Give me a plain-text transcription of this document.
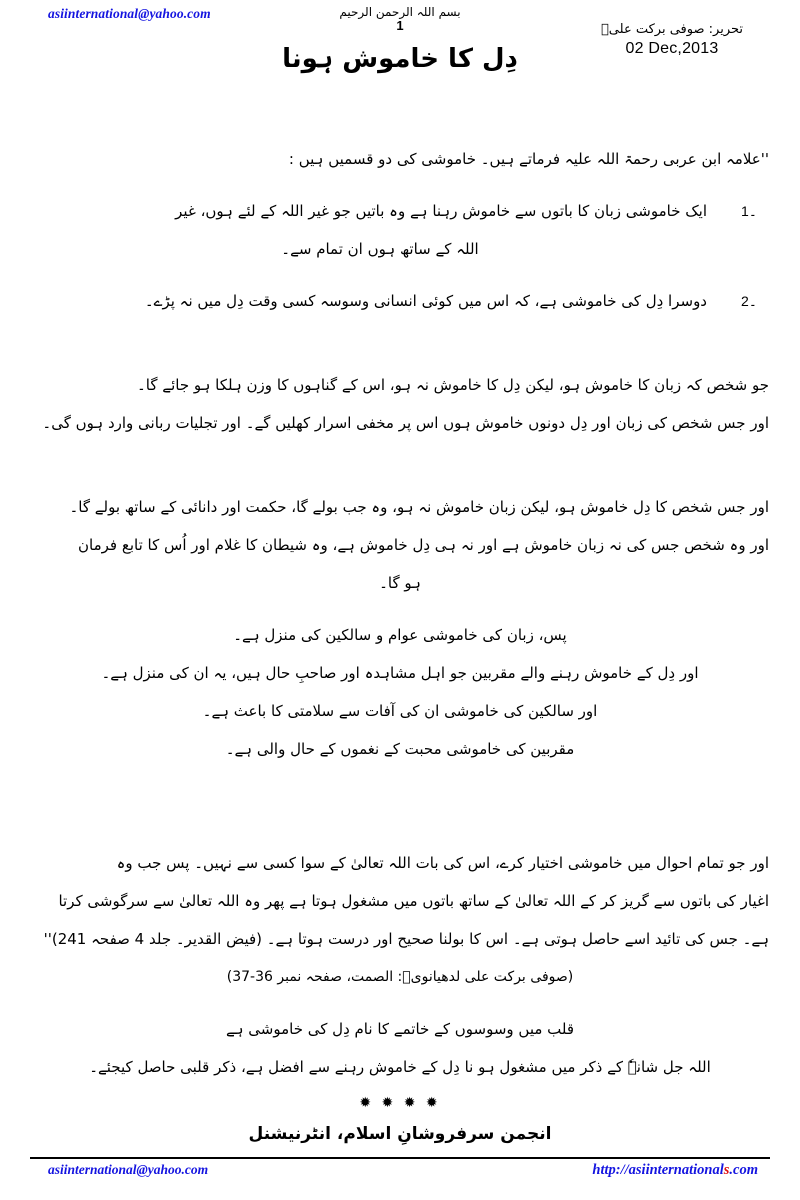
asiinternational@yahoo.com	بسم اللہ الرحمن الرحیم
1
دِل کا خاموش ہونا
تحریر: صوفی برکت علیؒ
02 Dec,2013
''علامہ ابن عربی رحمۃ اللہ علیہ فرماتے ہیں۔ خاموشی کی دو قسمیں ہیں :
1۔ایک خاموشی زبان کا باتوں سے خاموش رہنا ہے وہ باتیں جو غیر اللہ کے لئے ہوں، غیر
اللہ کے ساتھ ہوں ان تمام سے۔
2۔دوسرا دِل کی خاموشی ہے، کہ اس میں کوئی انسانی وسوسہ کسی وقت دِل میں نہ پڑے۔
جو شخص کہ زبان کا خاموش ہو، لیکن دِل کا خاموش نہ ہو، اس کے گناہوں کا وزن ہلکا ہو جائے گا۔
اور جس شخص کی زبان اور دِل دونوں خاموش ہوں اس پر مخفی اسرار کھلیں گے۔ اور تجلیات ربانی وارد ہوں گی۔
اور جس شخص کا دِل خاموش ہو، لیکن زبان خاموش نہ ہو، وہ جب بولے گا، حکمت اور دانائی کے ساتھ بولے گا۔
اور وہ شخص جس کی نہ زبان خاموش ہے اور نہ ہی دِل خاموش ہے، وہ شیطان کا غلام اور اُس کا تابع فرمان
ہو گا۔
پس، زبان کی خاموشی عوام و سالکین کی منزل ہے۔
اور دِل کے خاموش رہنے والے مقربین جو اہل مشاہدہ اور صاحبِ حال ہیں، یہ ان کی منزل ہے۔
اور سالکین کی خاموشی ان کی آفات سے سلامتی کا باعث ہے۔
مقربین کی خاموشی محبت کے نغموں کے حال والی ہے۔
اور جو تمام احوال میں خاموشی اختیار کرے، اس کی بات اللہ تعالیٰ کے سوا کسی سے نہیں۔ پس جب وہ
اغیار کی باتوں سے گریز کر کے اللہ تعالیٰ کے ساتھ باتوں میں مشغول ہوتا ہے پھر وہ اللہ تعالیٰ سے سرگوشی کرتا
ہے۔ جس کی تائید اسے حاصل ہوتی ہے۔ اس کا بولنا صحیح اور درست ہوتا ہے۔ (فیض القدیر۔ جلد 4 صفحہ 241)''
(صوفی برکت علی لدھیانویؒ: الصمت، صفحہ نمبر 36-37)
قلب میں وسوسوں کے خاتمے کا نام دِل کی خاموشی ہے
اللہ جل شانہٗ کے ذکر میں مشغول ہو نا دِل کے خاموش رہنے سے افضل ہے، ذکر قلبی حاصل کیجئے۔
✹ ✹ ✹ ✹
انجمن سرفروشانِ اسلام، انٹرنیشنل
asiinternational@yahoo.com	http://asiinternationals.com
